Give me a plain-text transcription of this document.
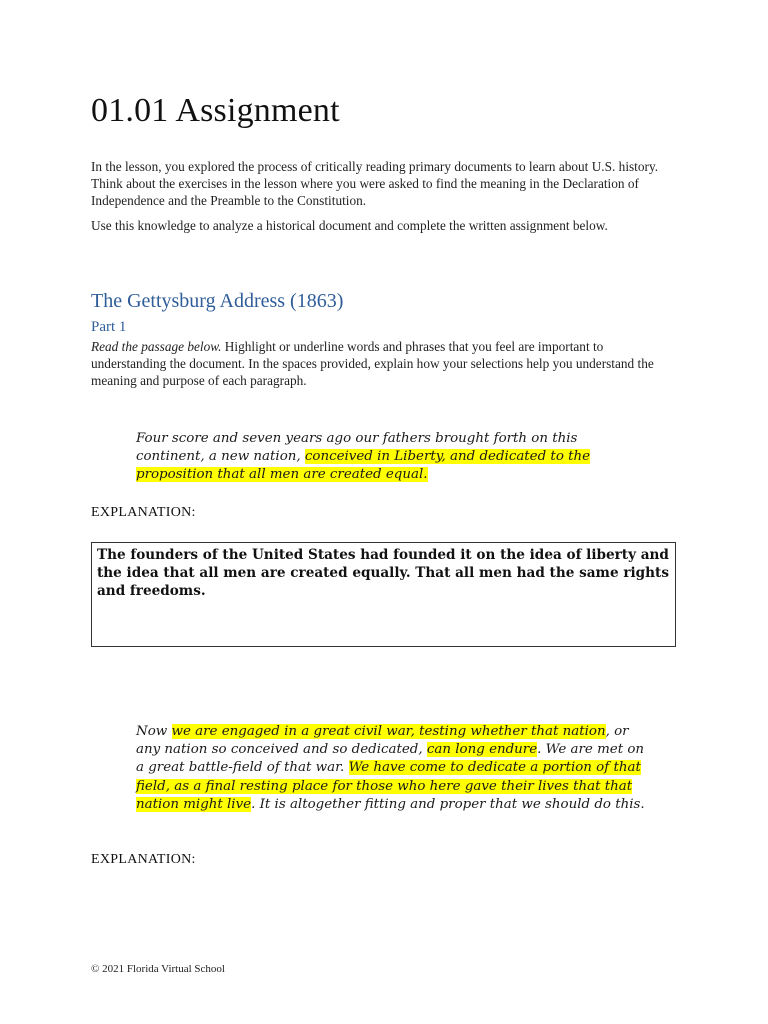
01.01 Assignment

In the lesson, you explored the process of critically reading primary documents to learn about U.S. history. Think about the exercises in the lesson where you were asked to find the meaning in the Declaration of Independence and the Preamble to the Constitution.

Use this knowledge to analyze a historical document and complete the written assignment below.

The Gettysburg Address (1863)
Part 1

Read the passage below. Highlight or underline words and phrases that you feel are important to understanding the document. In the spaces provided, explain how your selections help you understand the meaning and purpose of each paragraph.

Four score and seven years ago our fathers brought forth on this continent, a new nation, conceived in Liberty, and dedicated to the proposition that all men are created equal.

EXPLANATION:

The founders of the United States had founded it on the idea of liberty and the idea that all men are created equally. That all men had the same rights and freedoms.

Now we are engaged in a great civil war, testing whether that nation, or any nation so conceived and so dedicated, can long endure. We are met on a great battle-field of that war. We have come to dedicate a portion of that field, as a final resting place for those who here gave their lives that that nation might live. It is altogether fitting and proper that we should do this.

EXPLANATION:

© 2021 Florida Virtual School
